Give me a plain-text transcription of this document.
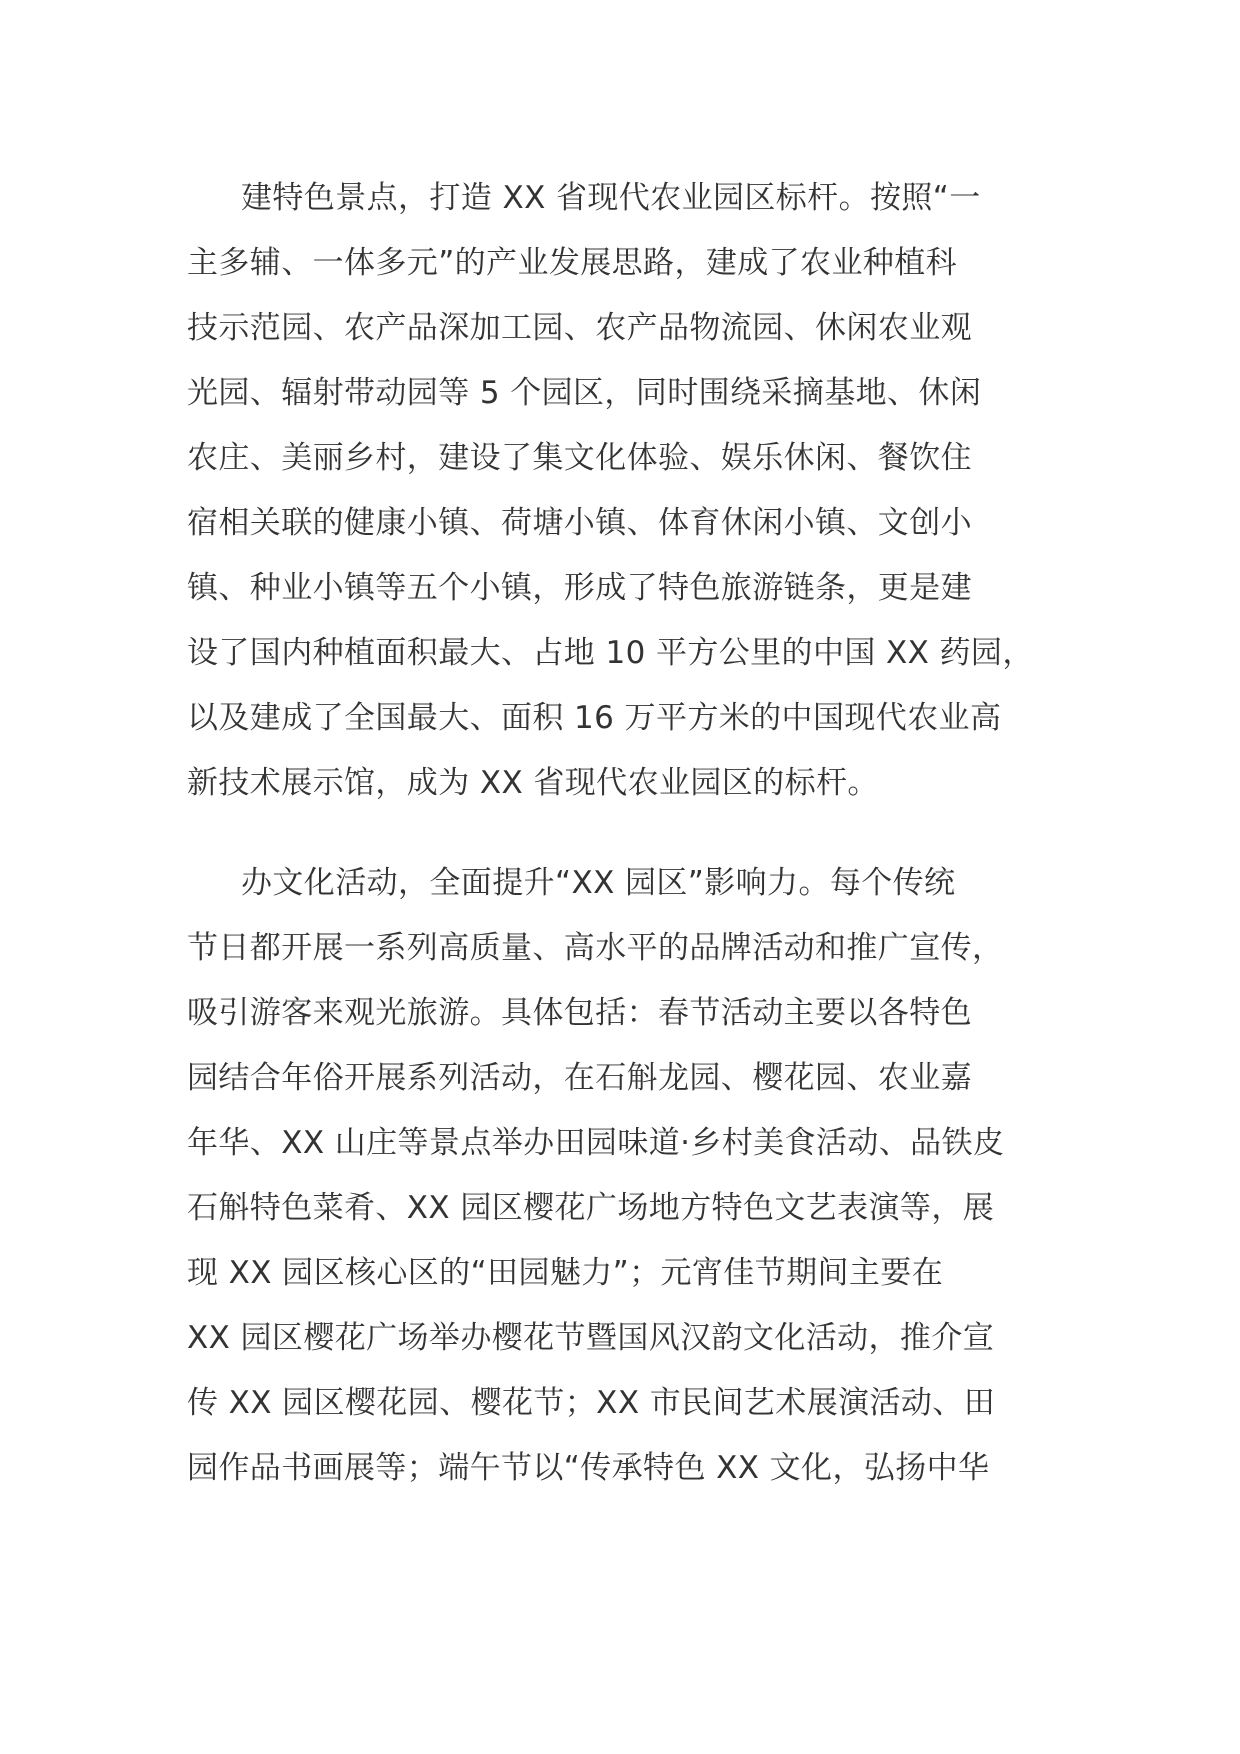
建特色景点，打造 XX 省现代农业园区标杆。按照“一
主多辅、一体多元”的产业发展思路，建成了农业种植科
技示范园、农产品深加工园、农产品物流园、休闲农业观
光园、辐射带动园等 5 个园区，同时围绕采摘基地、休闲
农庄、美丽乡村，建设了集文化体验、娱乐休闲、餐饮住
宿相关联的健康小镇、荷塘小镇、体育休闲小镇、文创小
镇、种业小镇等五个小镇，形成了特色旅游链条，更是建
设了国内种植面积最大、占地 10 平方公里的中国 XX 药园，
以及建成了全国最大、面积 16 万平方米的中国现代农业高
新技术展示馆，成为 XX 省现代农业园区的标杆。

办文化活动，全面提升“XX 园区”影响力。每个传统
节日都开展一系列高质量、高水平的品牌活动和推广宣传，
吸引游客来观光旅游。具体包括：春节活动主要以各特色
园结合年俗开展系列活动，在石斛龙园、樱花园、农业嘉
年华、XX 山庄等景点举办田园味道·乡村美食活动、品铁皮
石斛特色菜肴、XX 园区樱花广场地方特色文艺表演等，展
现 XX 园区核心区的“田园魅力”；元宵佳节期间主要在
XX 园区樱花广场举办樱花节暨国风汉韵文化活动，推介宣
传 XX 园区樱花园、樱花节；XX 市民间艺术展演活动、田
园作品书画展等；端午节以“传承特色 XX 文化，弘扬中华
